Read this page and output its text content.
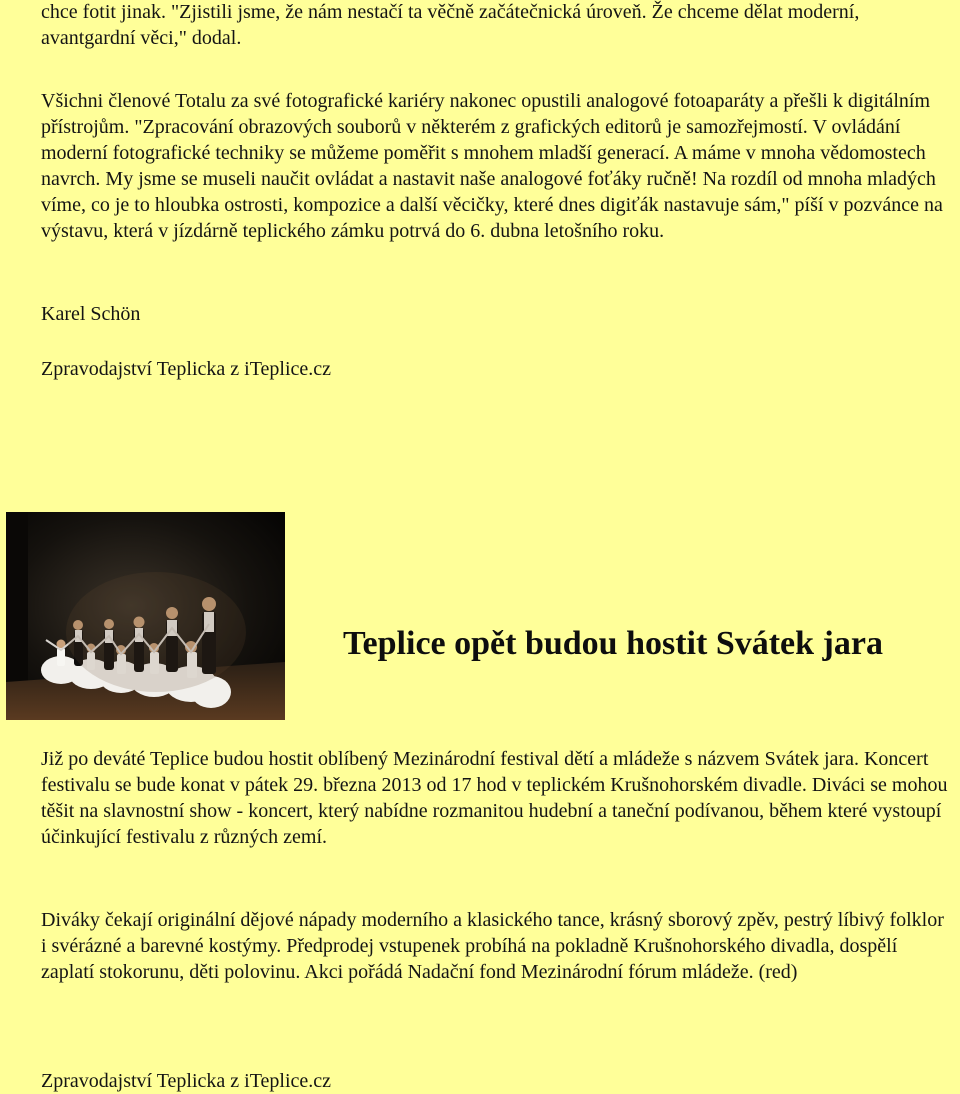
chce fotit jinak. "Zjistili jsme, že nám nestačí ta věčně začátečnická úroveň. Že chceme dělat moderní, avantgardní věci," dodal.

Všichni členové Totalu za své fotografické kariéry nakonec opustili analogové fotoaparáty a přešli k digitálním přístrojům. "Zpracování obrazových souborů v některém z grafických editorů je samozřejmostí. V ovládání moderní fotografické techniky se můžeme poměřit s mnohem mladší generací. A máme v mnoha vědomostech navrch. My jsme se museli naučit ovládat a nastavit naše analogové foťáky ručně! Na rozdíl od mnoha mladých víme, co je to hloubka ostrosti, kompozice a další věcičky, které dnes digiťák nastavuje sám," píší v pozvánce na výstavu, která v jízdárně teplického zámku potrvá do 6. dubna letošního roku.

Karel Schön

Zpravodajství Teplicka z iTeplice.cz

Teplice opět budou hostit Svátek jara

Již po deváté Teplice budou hostit oblíbený Mezinárodní festival dětí a mládeže s názvem Svátek jara. Koncert festivalu se bude konat v pátek 29. března 2013 od 17 hod v teplickém Krušnohorském divadle. Diváci se mohou těšit na slavnostní show - koncert, který nabídne rozmanitou hudební a taneční podívanou, během které vystoupí účinkující festivalu z různých zemí.

Diváky čekají originální dějové nápady moderního a klasického tance, krásný sborový zpěv, pestrý líbivý folklor i svérázné a barevné kostýmy. Předprodej vstupenek probíhá na pokladně Krušnohorského divadla, dospělí zaplatí stokorunu, děti polovinu. Akci pořádá Nadační fond Mezinárodní fórum mládeže. (red)

Zpravodajství Teplicka z iTeplice.cz
